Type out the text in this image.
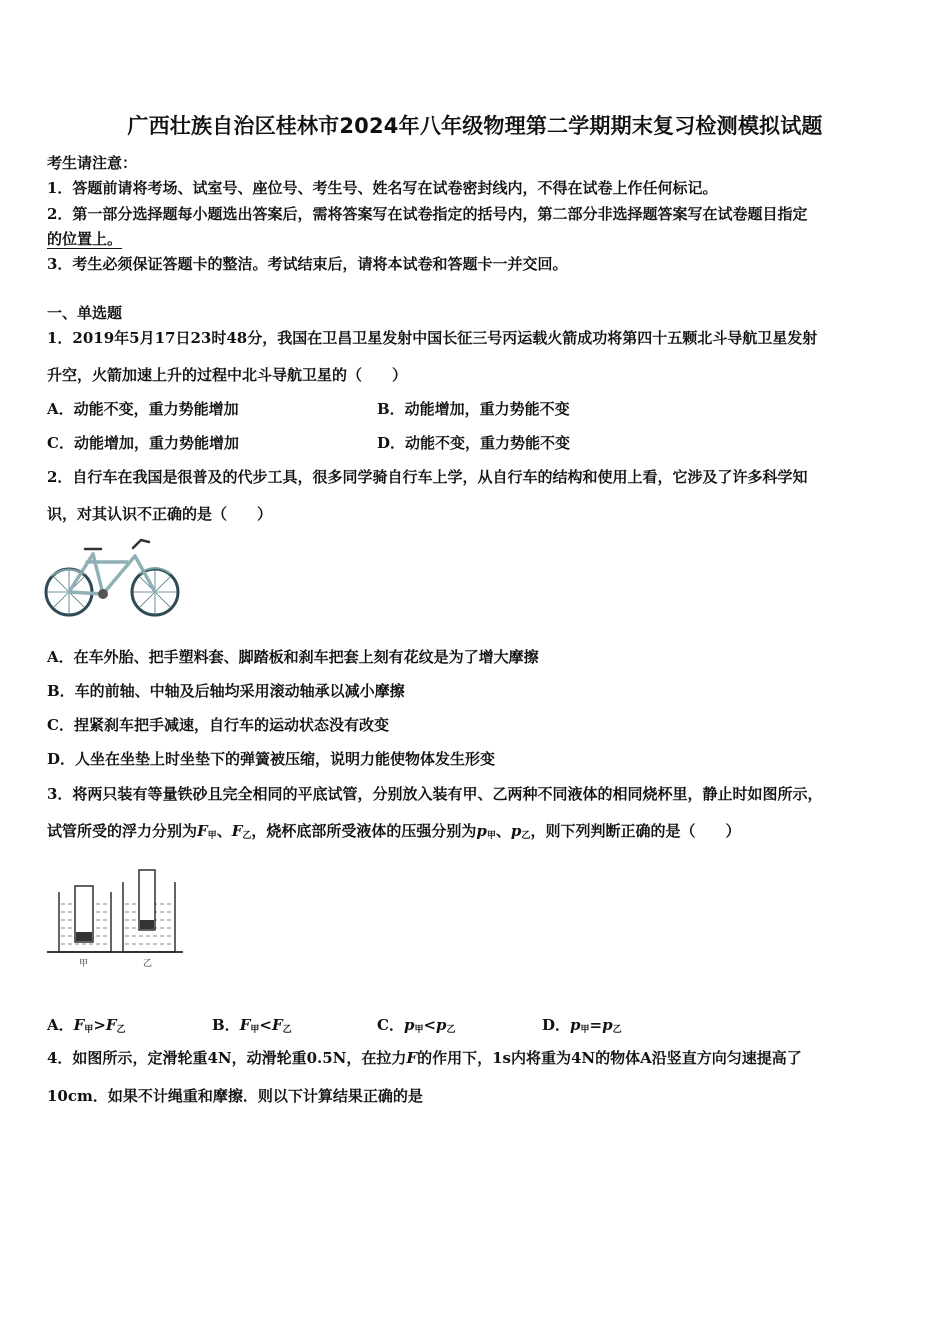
广西壮族自治区桂林市2024年八年级物理第二学期期末复习检测模拟试题
考生请注意：
1．答题前请将考场、试室号、座位号、考生号、姓名写在试卷密封线内，不得在试卷上作任何标记。
2．第一部分选择题每小题选出答案后，需将答案写在试卷指定的括号内，第二部分非选择题答案写在试卷题目指定
的位置上。
3．考生必须保证答题卡的整洁。考试结束后，请将本试卷和答题卡一并交回。
一、单选题
1．2019年5月17日23时48分，我国在卫昌卫星发射中国长征三号丙运载火箭成功将第四十五颗北斗导航卫星发射
升空，火箭加速上升的过程中北斗导航卫星的（　　）
A．动能不变，重力势能增加	B．动能增加，重力势能不变
C．动能增加，重力势能增加	D．动能不变，重力势能不变
2．自行车在我国是很普及的代步工具，很多同学骑自行车上学，从自行车的结构和使用上看，它涉及了许多科学知
识，对其认识不正确的是（　　）
A．在车外胎、把手塑料套、脚踏板和刹车把套上刻有花纹是为了增大摩擦
B．车的前轴、中轴及后轴均采用滚动轴承以减小摩擦
C．捏紧刹车把手减速，自行车的运动状态没有改变
D．人坐在坐垫上时坐垫下的弹簧被压缩，说明力能使物体发生形变
3．将两只装有等量铁砂且完全相同的平底试管，分别放入装有甲、乙两种不同液体的相同烧杯里，静止时如图所示，
试管所受的浮力分别为$F_甲$、$F_乙$，烧杯底部所受液体的压强分别为$p_甲$、$p_乙$，则下列判断正确的是（　　）
甲	乙
A．$F_甲>F_乙$	B．$F_甲<F_乙$	C．$p_甲<p_乙$	D．$p_甲=p_乙$
4．如图所示，定滑轮重4N，动滑轮重0.5N，在拉力F的作用下，1s内将重为4N的物体A沿竖直方向匀速提高了
10cm．如果不计绳重和摩擦．则以下计算结果正确的是
